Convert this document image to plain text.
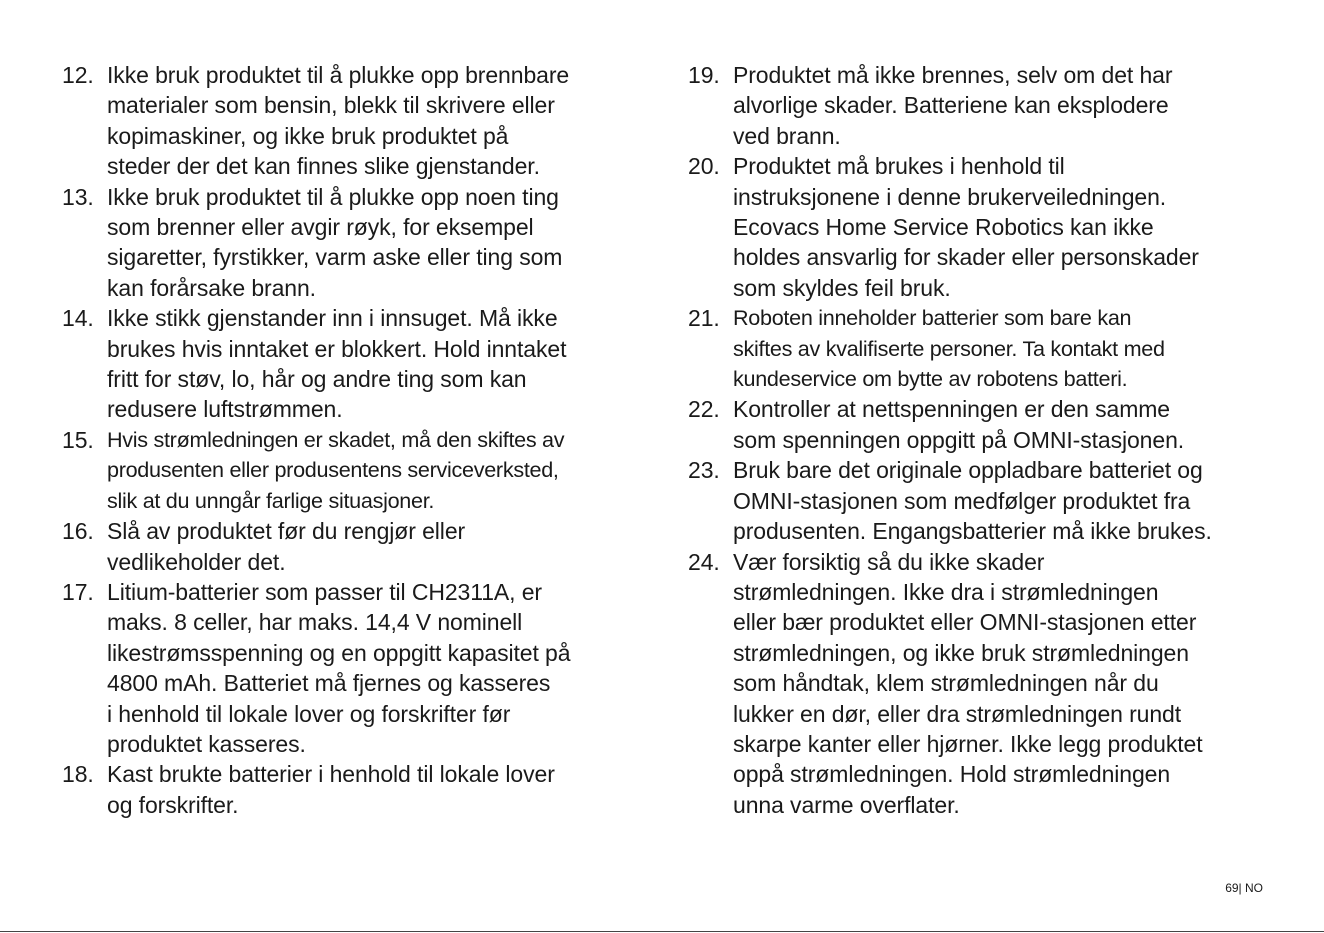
12. Ikke bruk produktet til å plukke opp brennbare
materialer som bensin, blekk til skrivere eller
kopimaskiner, og ikke bruk produktet på
steder der det kan finnes slike gjenstander.
13. Ikke bruk produktet til å plukke opp noen ting
som brenner eller avgir røyk, for eksempel
sigaretter, fyrstikker, varm aske eller ting som
kan forårsake brann.
14. Ikke stikk gjenstander inn i innsuget. Må ikke
brukes hvis inntaket er blokkert. Hold inntaket
fritt for støv, lo, hår og andre ting som kan
redusere luftstrømmen.
15. Hvis strømledningen er skadet, må den skiftes av
produsenten eller produsentens serviceverksted,
slik at du unngår farlige situasjoner.
16. Slå av produktet før du rengjør eller
vedlikeholder det.
17. Litium-batterier som passer til CH2311A, er
maks. 8 celler, har maks. 14,4 V nominell
likestrømsspenning og en oppgitt kapasitet på
4800 mAh. Batteriet må fjernes og kasseres
i henhold til lokale lover og forskrifter før
produktet kasseres.
18. Kast brukte batterier i henhold til lokale lover
og forskrifter.
19. Produktet må ikke brennes, selv om det har
alvorlige skader. Batteriene kan eksplodere
ved brann.
20. Produktet må brukes i henhold til
instruksjonene i denne brukerveiledningen.
Ecovacs Home Service Robotics kan ikke
holdes ansvarlig for skader eller personskader
som skyldes feil bruk.
21. Roboten inneholder batterier som bare kan
skiftes av kvalifiserte personer. Ta kontakt med
kundeservice om bytte av robotens batteri.
22. Kontroller at nettspenningen er den samme
som spenningen oppgitt på OMNI-stasjonen.
23. Bruk bare det originale oppladbare batteriet og
OMNI-stasjonen som medfølger produktet fra
produsenten. Engangsbatterier må ikke brukes.
24. Vær forsiktig så du ikke skader
strømledningen. Ikke dra i strømledningen
eller bær produktet eller OMNI-stasjonen etter
strømledningen, og ikke bruk strømledningen
som håndtak, klem strømledningen når du
lukker en dør, eller dra strømledningen rundt
skarpe kanter eller hjørner. Ikke legg produktet
oppå strømledningen. Hold strømledningen
unna varme overflater.
69| NO
